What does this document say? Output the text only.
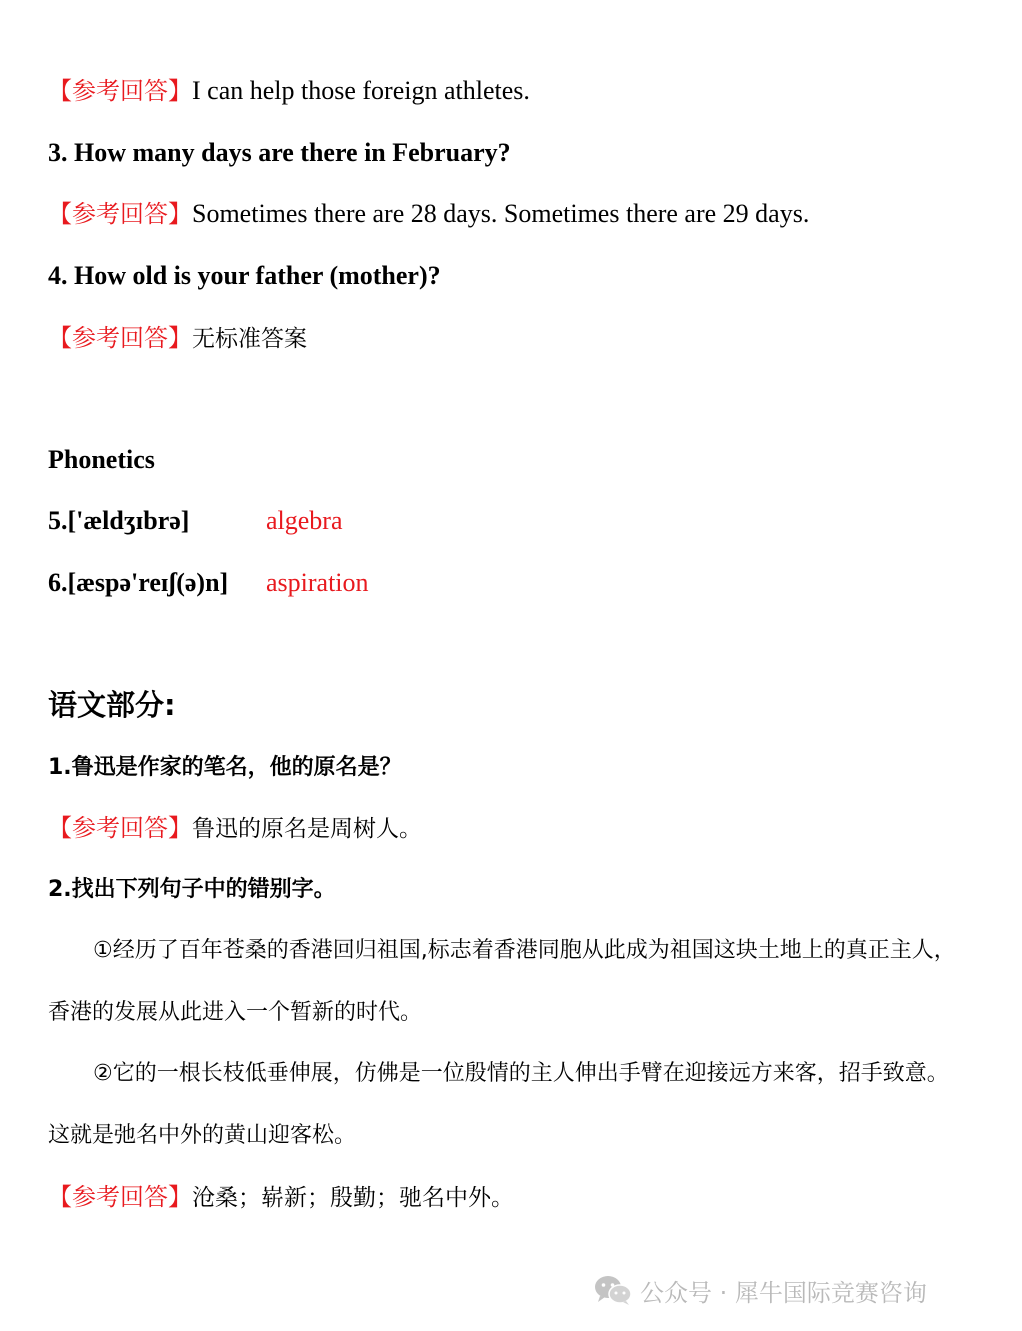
【参考回答】I can help those foreign athletes.
3. How many days are there in February?
【参考回答】Sometimes there are 28 days. Sometimes there are 29 days.
4. How old is your father (mother)?
【参考回答】无标准答案
Phonetics
5.['ældʒɪbrə]	algebra
6.[æspə'reɪʃ(ə)n] aspiration
语文部分:
1.鲁迅是作家的笔名，他的原名是？
【参考回答】鲁迅的原名是周树人。
2.找出下列句子中的错别字。
①经历了百年苍桑的香港回归祖国,标志着香港同胞从此成为祖国这块土地上的真正主人，
香港的发展从此进入一个暂新的时代。
②它的一根长枝低垂伸展，仿佛是一位殷情的主人伸出手臂在迎接远方来客，招手致意。
这就是弛名中外的黄山迎客松。
【参考回答】沧桑；崭新；殷勤；驰名中外。
公众号 · 犀牛国际竞赛咨询
